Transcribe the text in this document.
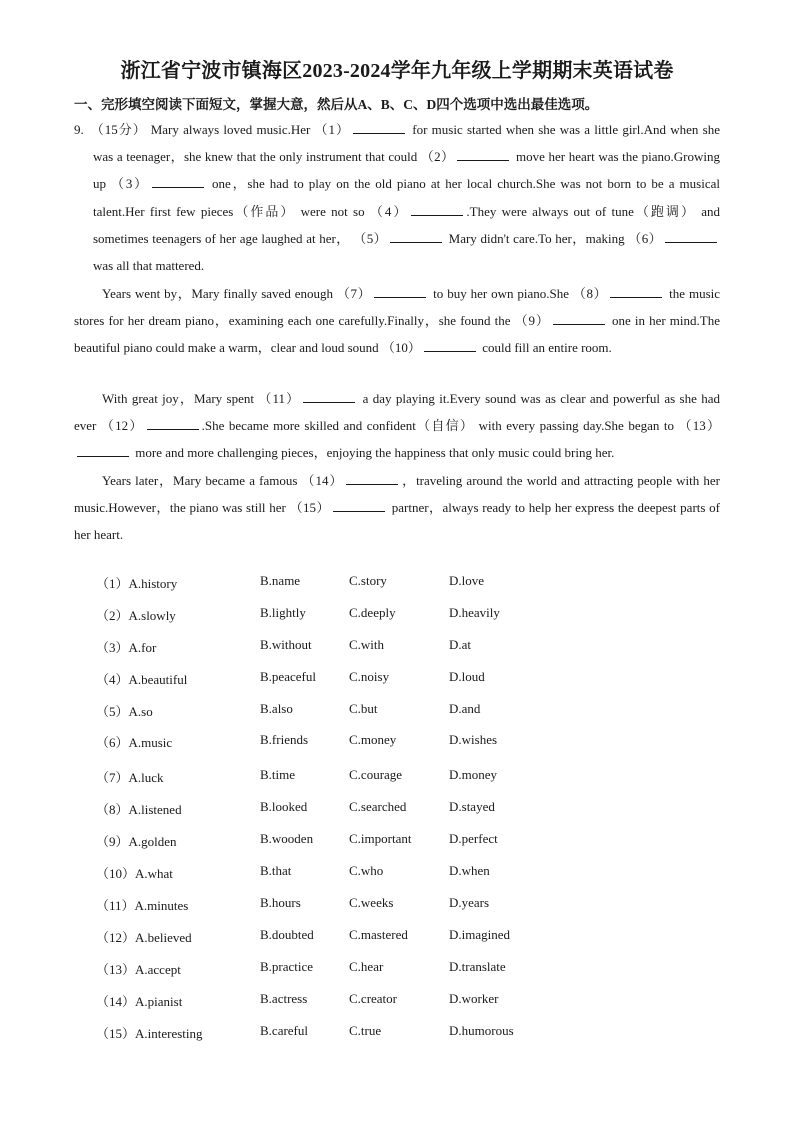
浙江省宁波市镇海区2023-2024学年九年级上学期期末英语试卷
一、完形填空阅读下面短文，掌握大意，然后从A、B、C、D四个选项中选出最佳选项。

9. （15分） Mary always loved music.Her （1）	for music started when she was a little girl.And when she was a teenager，she knew that the only instrument that could （2）	move her heart was the piano.Growing up （3）	one，she had to play on the old piano at her local church.She was not born to be a musical talent.Her first few pieces（作品） were not so （4）	.They were always out of tune（跑调） and sometimes teenagers of her age laughed at her， （5）	Mary didn't care.To her，making （6） was all that mattered.

Years went by，Mary finally saved enough （7）	to buy her own piano.She （8）	the music stores for her dream piano，examining each one carefully.Finally，she found the （9）	one in her mind.The beautiful piano could make a warm，clear and loud sound （10）	could fill an entire room.

With great joy，Mary spent （11）	a day playing it.Every sound was as clear and powerful as she had ever （12）	.She became more skilled and confident（自信） with every passing day.She began to （13） more and more challenging pieces，enjoying the happiness that only music could bring her.

Years later，Mary became a famous （14）	，traveling around the world and attracting people with her music.However，the piano was still her （15）	partner，always ready to help her express the deepest parts of her heart.

（1）A.history	B.name	C.story	D.love
（2）A.slowly	B.lightly	C.deeply	D.heavily
（3）A.for	B.without	C.with	D.at
（4）A.beautiful	B.peaceful	C.noisy	D.loud
（5）A.so	B.also	C.but	D.and
（6）A.music	B.friends	C.money	D.wishes
（7）A.luck	B.time	C.courage	D.money
（8）A.listened	B.looked	C.searched	D.stayed
（9）A.golden	B.wooden	C.important	D.perfect
（10）A.what	B.that	C.who	D.when
（11）A.minutes	B.hours	C.weeks	D.years
（12）A.believed	B.doubted	C.mastered	D.imagined
（13）A.accept	B.practice	C.hear	D.translate
（14）A.pianist	B.actress	C.creator	D.worker
（15）A.interesting	B.careful	C.true	D.humorous
